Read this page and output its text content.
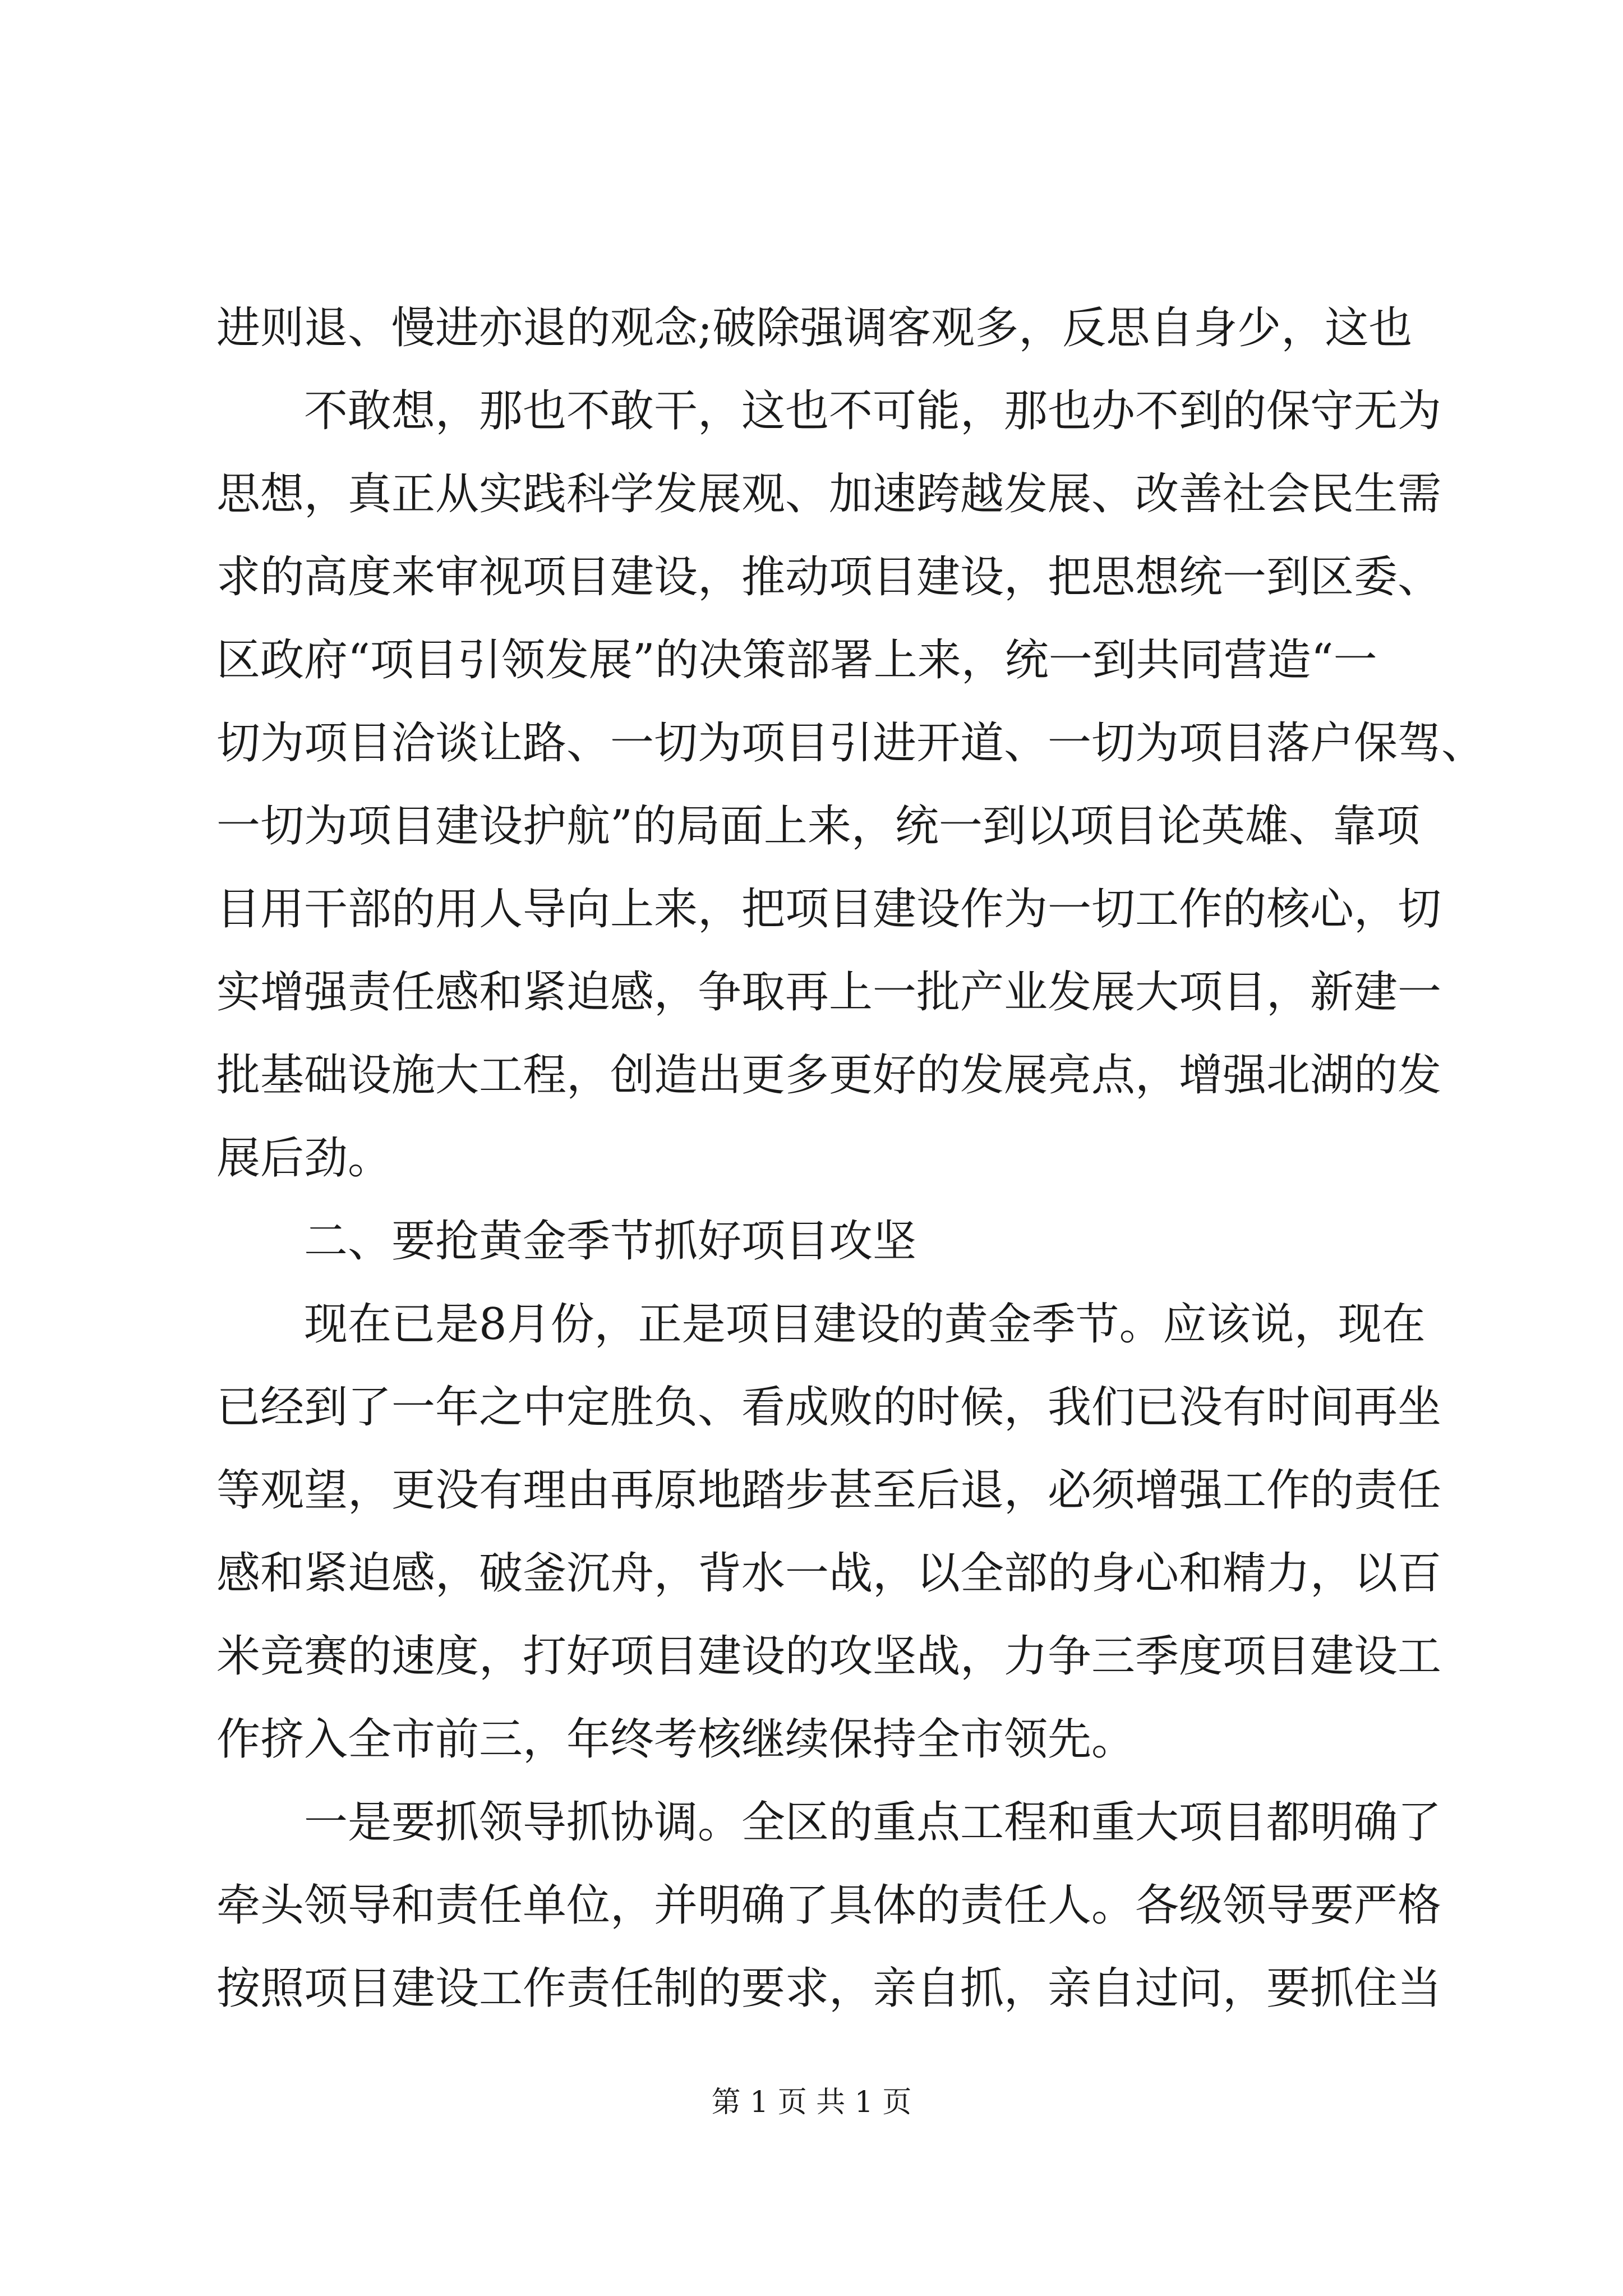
进则退、慢进亦退的观念;破除强调客观多，反思自身少，这也

不敢想，那也不敢干，这也不可能，那也办不到的保守无为

思想，真正从实践科学发展观、加速跨越发展、改善社会民生需

求的高度来审视项目建设，推动项目建设，把思想统一到区委、

区政府“项目引领发展”的决策部署上来，统一到共同营造“一

切为项目洽谈让路、一切为项目引进开道、一切为项目落户保驾、

一切为项目建设护航”的局面上来，统一到以项目论英雄、靠项

目用干部的用人导向上来，把项目建设作为一切工作的核心，切

实增强责任感和紧迫感，争取再上一批产业发展大项目，新建一

批基础设施大工程，创造出更多更好的发展亮点，增强北湖的发

展后劲。

二、要抢黄金季节抓好项目攻坚

现在已是8月份，正是项目建设的黄金季节。应该说，现在

已经到了一年之中定胜负、看成败的时候，我们已没有时间再坐

等观望，更没有理由再原地踏步甚至后退，必须增强工作的责任

感和紧迫感，破釜沉舟，背水一战，以全部的身心和精力，以百

米竞赛的速度，打好项目建设的攻坚战，力争三季度项目建设工

作挤入全市前三，年终考核继续保持全市领先。

一是要抓领导抓协调。全区的重点工程和重大项目都明确了

牵头领导和责任单位，并明确了具体的责任人。各级领导要严格

按照项目建设工作责任制的要求，亲自抓，亲自过问，要抓住当

第 1 页 共 1 页
